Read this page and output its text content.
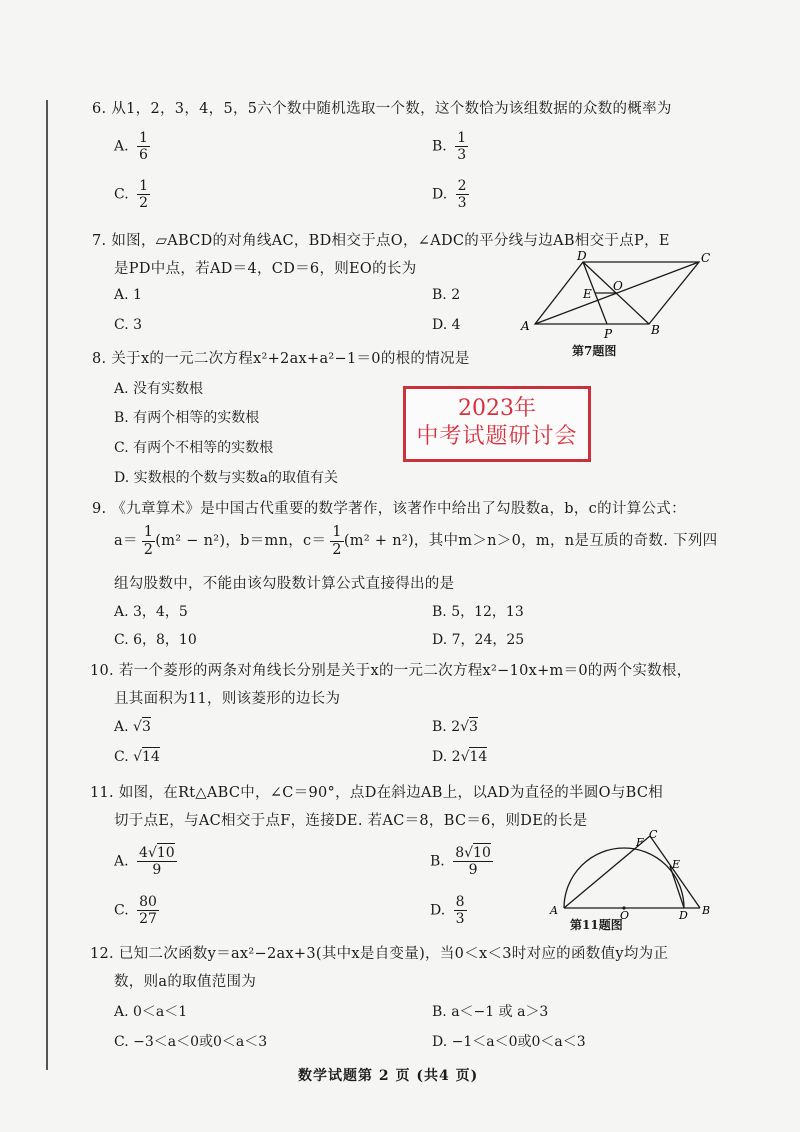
6. 从1，2，3，4，5，5六个数中随机选取一个数，这个数恰为该组数据的众数的概率为
A. $\frac{1}{6}$	B. $\frac{1}{3}$
C. $\frac{1}{2}$	D. $\frac{2}{3}$
7. 如图，▱ABCD的对角线AC，BD相交于点O，∠ADC的平分线与边AB相交于点P，E
是PD中点，若AD＝4，CD＝6，则EO的长为
A. 1	B. 2
C. 3	D. 4	A	B
C
D
E
O
P
第7题图
8. 关于x的一元二次方程x²+2ax+a²−1＝0的根的情况是
A. 没有实数根
B. 有两个相等的实数根
C. 有两个不相等的实数根
D. 实数根的个数与实数a的取值有关
2023年
中考试题研讨会
9. 《九章算术》是中国古代重要的数学著作，该著作中给出了勾股数a，b，c的计算公式：
$a= \frac{1}{2} (m^2 - n^2)$，b＝mn，$c= \frac{1}{2} (m^2 + n^2)$，其中m＞n＞0，m，n是互质的奇数. 下列四
组勾股数中，不能由该勾股数计算公式直接得出的是
A. 3，4，5	B. 5，12，13
C. 6，8，10	D. 7，24，25
10. 若一个菱形的两条对角线长分别是关于x的一元二次方程x²−10x+m＝0的两个实数根，
且其面积为11，则该菱形的边长为
A. √3	B. 2√3
C. √14	D. 2√14
11. 如图，在Rt△ABC中，∠C＝90°，点D在斜边AB上，以AD为直径的半圆O与BC相
切于点E，与AC相交于点F，连接DE. 若AC＝8，BC＝6，则DE的长是
A. $\frac{4√10}{9}$	B. $\frac{8√10}{9}$
C. $\frac{80}{27}$	D. $\frac{8}{3}$	A	B
C
D
E
F
O
第11题图
12. 已知二次函数y＝ax²−2ax+3(其中x是自变量)，当0＜x＜3时对应的函数值y均为正
数，则a的取值范围为
A. 0＜a＜1	B. a＜−1 或 a＞3
C. −3＜a＜0或0＜a＜3	D. −1＜a＜0或0＜a＜3
数学试题第 2 页 (共4 页)
